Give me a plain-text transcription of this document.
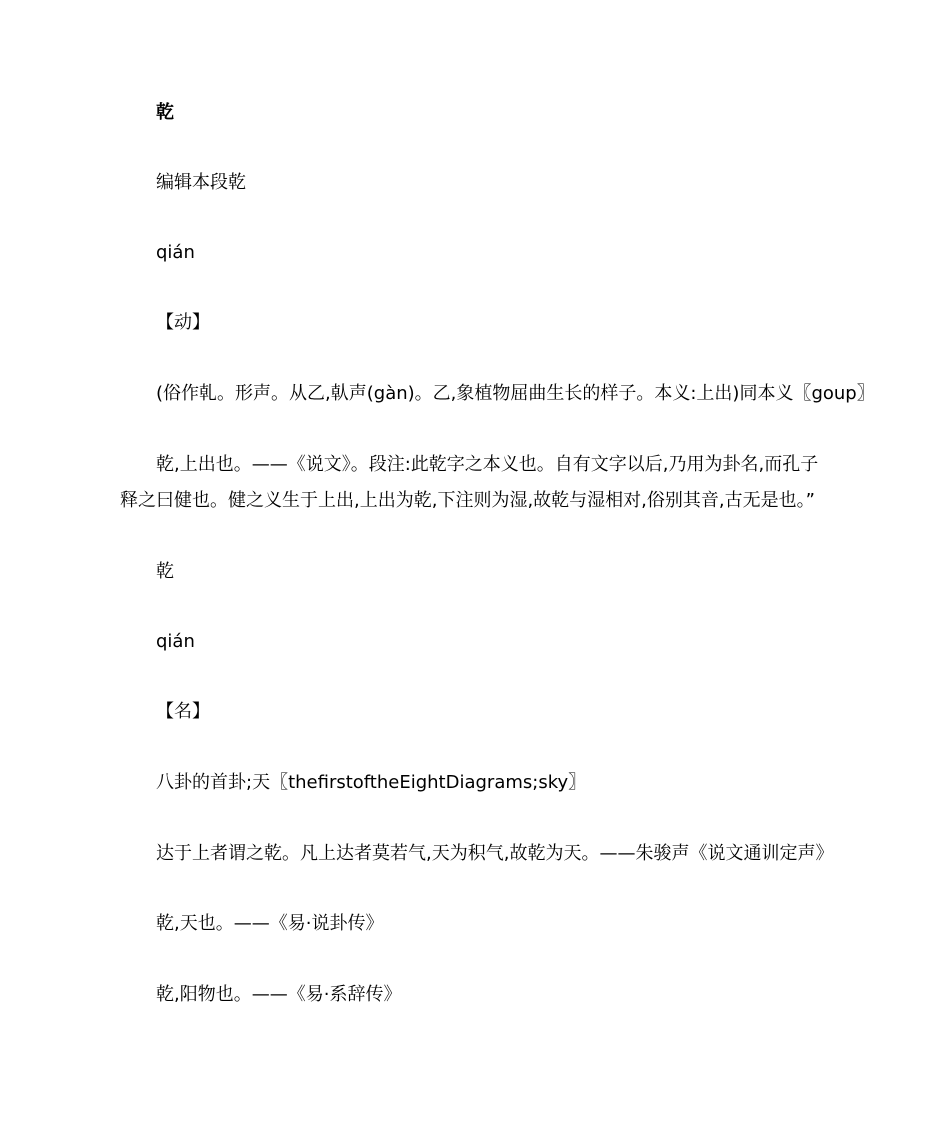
乾
编辑本段乾
qián
【动】
(俗作乹。形声。从乙,倝声(gàn)。乙,象植物屈曲生长的样子。本义:上出)同本义〖goup〗
乾,上出也。——《说文》。段注:此乾字之本义也。自有文字以后,乃用为卦名,而孔子释之曰健也。健之义生于上出,上出为乾,下注则为湿,故乾与湿相对,俗别其音,古无是也。”
乾
qián
【名】
八卦的首卦;天〖thefirstoftheEightDiagrams;sky〗
达于上者谓之乾。凡上达者莫若气,天为积气,故乾为天。——朱骏声《说文通训定声》
乾,天也。——《易·说卦传》
乾,阳物也。——《易·系辞传》
